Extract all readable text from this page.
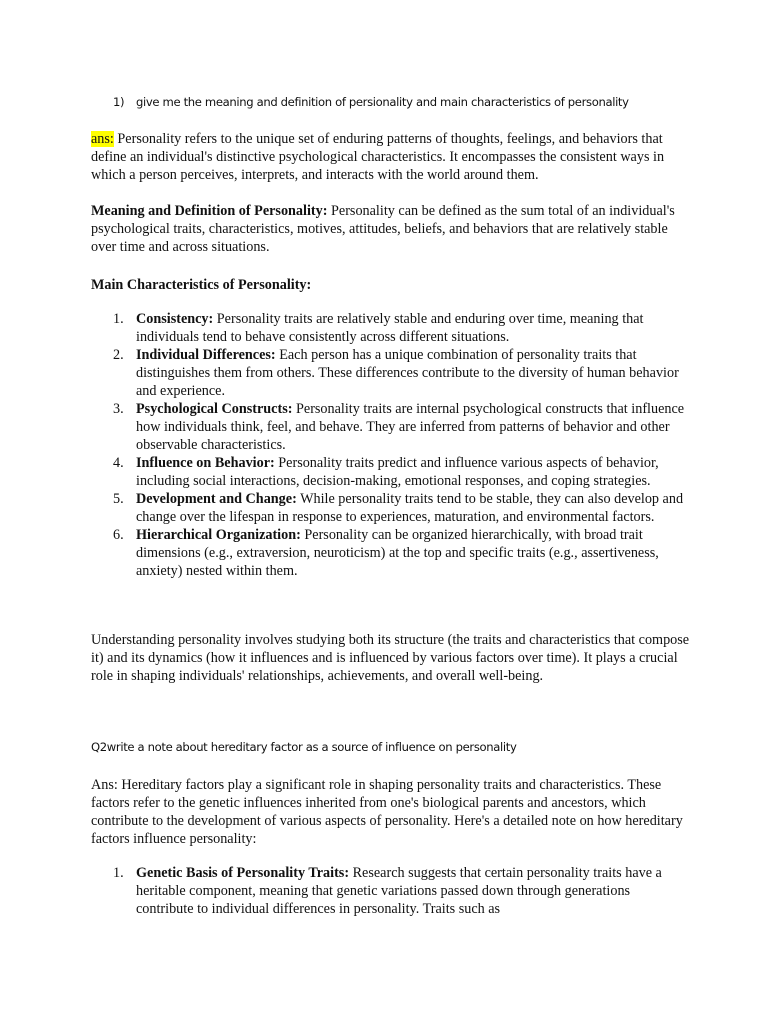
1) give me the meaning and definition of persionality and main characteristics of personality

ans: Personality refers to the unique set of enduring patterns of thoughts, feelings, and behaviors that define an individual's distinctive psychological characteristics. It encompasses the consistent ways in which a person perceives, interprets, and interacts with the world around them.

Meaning and Definition of Personality: Personality can be defined as the sum total of an individual's psychological traits, characteristics, motives, attitudes, beliefs, and behaviors that are relatively stable over time and across situations.

Main Characteristics of Personality:

1. Consistency: Personality traits are relatively stable and enduring over time, meaning that individuals tend to behave consistently across different situations.
2. Individual Differences: Each person has a unique combination of personality traits that distinguishes them from others. These differences contribute to the diversity of human behavior and experience.
3. Psychological Constructs: Personality traits are internal psychological constructs that influence how individuals think, feel, and behave. They are inferred from patterns of behavior and other observable characteristics.
4. Influence on Behavior: Personality traits predict and influence various aspects of behavior, including social interactions, decision-making, emotional responses, and coping strategies.
5. Development and Change: While personality traits tend to be stable, they can also develop and change over the lifespan in response to experiences, maturation, and environmental factors.
6. Hierarchical Organization: Personality can be organized hierarchically, with broad trait dimensions (e.g., extraversion, neuroticism) at the top and specific traits (e.g., assertiveness, anxiety) nested within them.

Understanding personality involves studying both its structure (the traits and characteristics that compose it) and its dynamics (how it influences and is influenced by various factors over time). It plays a crucial role in shaping individuals' relationships, achievements, and overall well-being.

Q2write a note about hereditary factor as a source of influence on personality

Ans: Hereditary factors play a significant role in shaping personality traits and characteristics. These factors refer to the genetic influences inherited from one's biological parents and ancestors, which contribute to the development of various aspects of personality. Here's a detailed note on how hereditary factors influence personality:

1. Genetic Basis of Personality Traits: Research suggests that certain personality traits have a heritable component, meaning that genetic variations passed down through generations contribute to individual differences in personality. Traits such as
